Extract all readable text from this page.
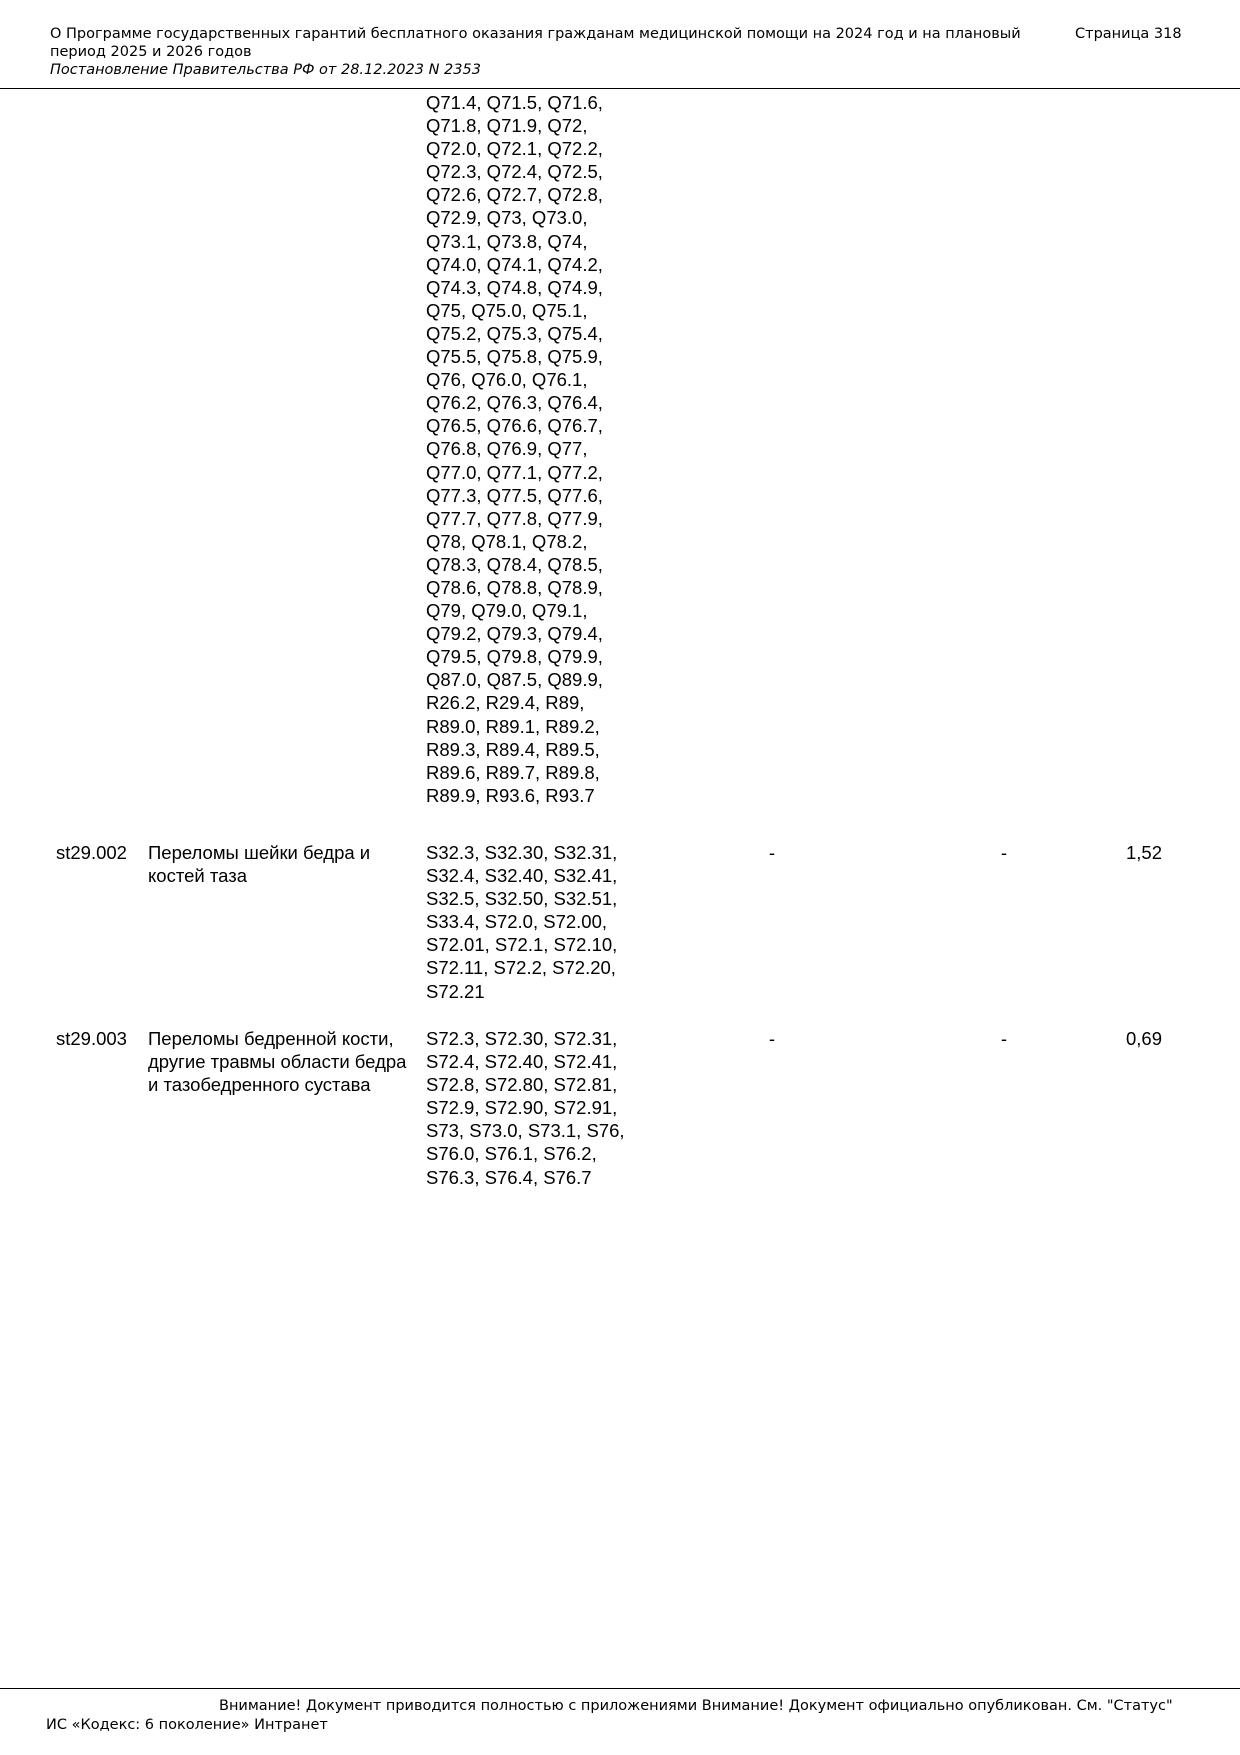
О Программе государственных гарантий бесплатного оказания гражданам медицинской помощи на 2024 год и на плановый период 2025 и 2026 годов
Страница 318
Постановление Правительства РФ от 28.12.2023 N 2353
Q71.4, Q71.5, Q71.6,
Q71.8, Q71.9, Q72,
Q72.0, Q72.1, Q72.2,
Q72.3, Q72.4, Q72.5,
Q72.6, Q72.7, Q72.8,
Q72.9, Q73, Q73.0,
Q73.1, Q73.8, Q74,
Q74.0, Q74.1, Q74.2,
Q74.3, Q74.8, Q74.9,
Q75, Q75.0, Q75.1,
Q75.2, Q75.3, Q75.4,
Q75.5, Q75.8, Q75.9,
Q76, Q76.0, Q76.1,
Q76.2, Q76.3, Q76.4,
Q76.5, Q76.6, Q76.7,
Q76.8, Q76.9, Q77,
Q77.0, Q77.1, Q77.2,
Q77.3, Q77.5, Q77.6,
Q77.7, Q77.8, Q77.9,
Q78, Q78.1, Q78.2,
Q78.3, Q78.4, Q78.5,
Q78.6, Q78.8, Q78.9,
Q79, Q79.0, Q79.1,
Q79.2, Q79.3, Q79.4,
Q79.5, Q79.8, Q79.9,
Q87.0, Q87.5, Q89.9,
R26.2, R29.4, R89,
R89.0, R89.1, R89.2,
R89.3, R89.4, R89.5,
R89.6, R89.7, R89.8,
R89.9, R93.6, R93.7
st29.002 Переломы шейки бедра и
костей таза
S32.3, S32.30, S32.31,
S32.4, S32.40, S32.41,
S32.5, S32.50, S32.51,
S33.4, S72.0, S72.00,
S72.01, S72.1, S72.10,
S72.11, S72.2, S72.20,
S72.21
-	-	1,52
st29.003 Переломы бедренной кости,
другие травмы области бедра
и тазобедренного сустава
S72.3, S72.30, S72.31,
S72.4, S72.40, S72.41,
S72.8, S72.80, S72.81,
S72.9, S72.90, S72.91,
S73, S73.0, S73.1, S76,
S76.0, S76.1, S76.2,
S76.3, S76.4, S76.7
-	-	0,69
Внимание! Документ приводится полностью с приложениями Внимание! Документ официально опубликован. См. "Статус"
ИС «Кодекс: 6 поколение» Интранет
